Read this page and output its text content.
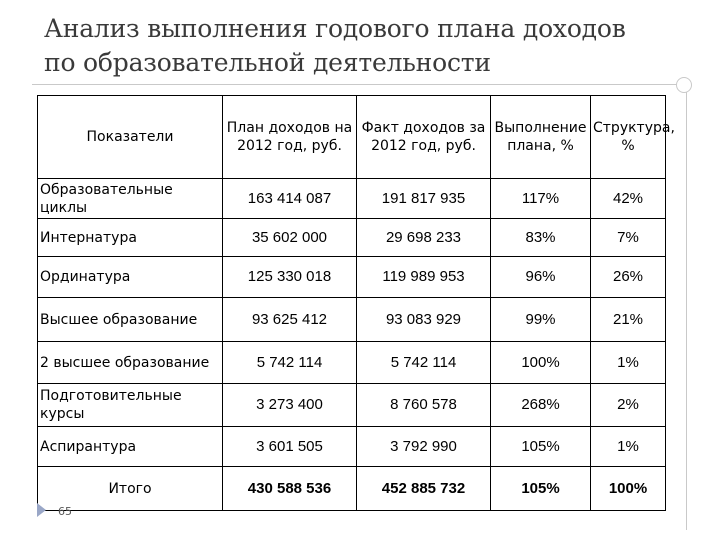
Анализ выполнения годового плана доходов
по образовательной деятельности
Показатели	План доходов на 2012 год, руб.	Факт доходов за 2012 год, руб.	Выполнение плана, %	Структура, %
Образовательные циклы	163 414 087	191 817 935	117%	42%
Интернатура	35 602 000	29 698 233	83%	7%
Ординатура	125 330 018	119 989 953	96%	26%
Высшее образование	93 625 412	93 083 929	99%	21%
2 высшее образование	5 742 114	5 742 114	100%	1%
Подготовительные курсы	3 273 400	8 760 578	268%	2%
Аспирантура	3 601 505	3 792 990	105%	1%
Итого	430 588 536	452 885 732	105%	100%
65
